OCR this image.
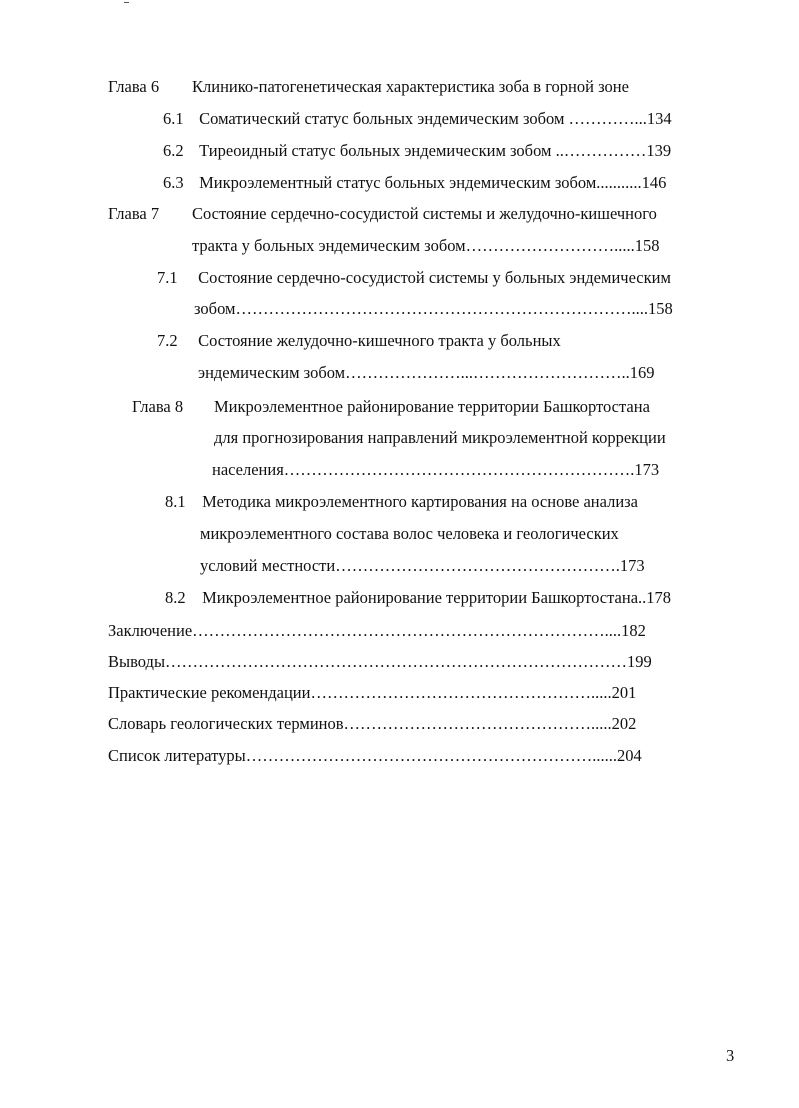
Глава 6 Клинико-патогенетическая характеристика зоба в горной зоне
6.1 Соматический статус больных эндемическим зобом …………...134
6.2 Тиреоидный статус больных эндемическим зобом ..……………139
6.3 Микроэлементный статус больных эндемическим зобом...........146
Глава 7 Состояние сердечно-сосудистой системы и желудочно-кишечного
тракта у больных эндемическим зобом……………………….....158
7.1 Состояние сердечно-сосудистой системы у больных эндемическим
зобом………………………………………………………………....158
7.2 Состояние желудочно-кишечного тракта у больных
эндемическим зобом…………………...………………………..169
Глава 8 Микроэлементное районирование территории Башкортостана
для прогнозирования направлений микроэлементной коррекции
населения……………………………………………………….173
8.1 Методика микроэлементного картирования на основе анализа
микроэлементного состава волос человека и геологических
условий местности…………………………………………….173
8.2 Микроэлементное районирование территории Башкортостана..178
Заключение…………………………………………………………………....182
Выводы…………………………………………………………………………199
Практические рекомендации…………………………………………….....201
Словарь геологических терминов……………………………………….....202
Список литературы………………………………………………………......204
3
